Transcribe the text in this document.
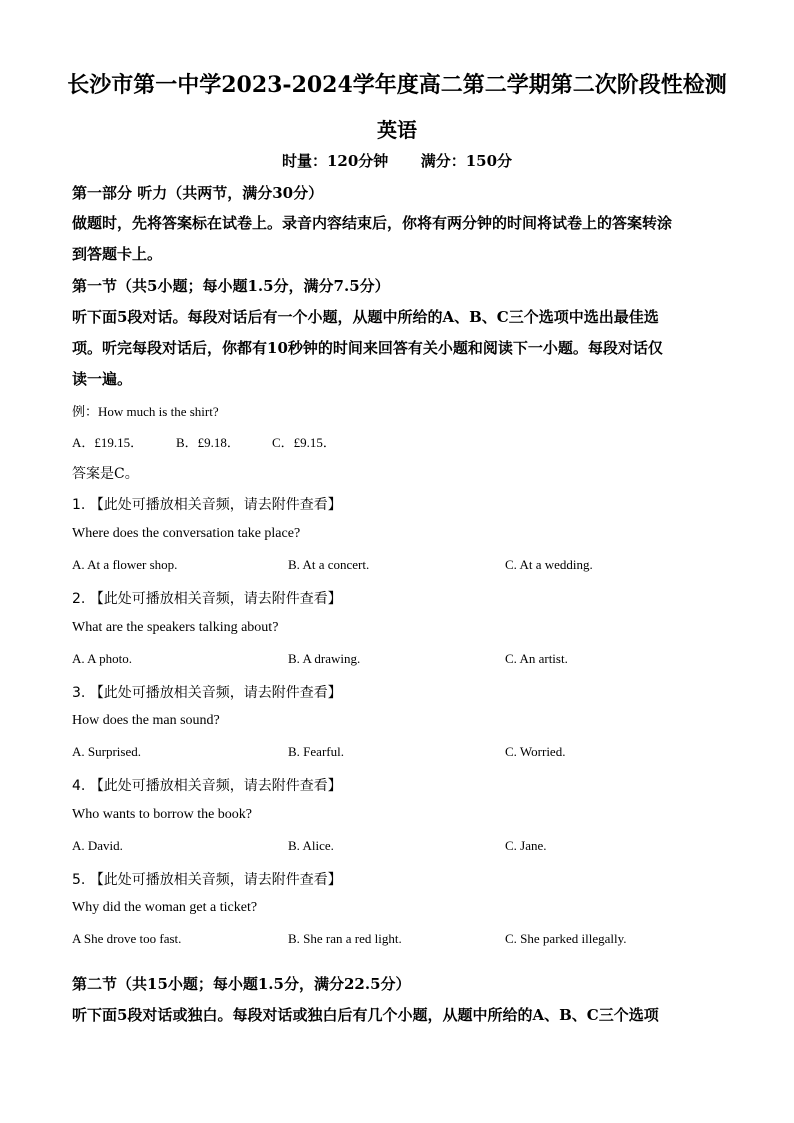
长沙市第一中学2023-2024学年度高二第二学期第二次阶段性检测
英语
时量：120分钟 满分：150分
第一部分 听力（共两节，满分30分）
做题时，先将答案标在试卷上。录音内容结束后，你将有两分钟的时间将试卷上的答案转涂
到答题卡上。
第一节（共5小题；每小题1.5分，满分7.5分）
听下面5段对话。每段对话后有一个小题，从题中所给的A、B、C三个选项中选出最佳选
项。听完每段对话后，你都有10秒钟的时间来回答有关小题和阅读下一小题。每段对话仅
读一遍。
例：How much is the shirt?
A．£19.15．	B．£9.18． C．£9.15．
答案是C。
1. 【此处可播放相关音频，请去附件查看】
Where does the conversation take place?
A. At a flower shop.	B. At a concert.	C. At a wedding.
2. 【此处可播放相关音频，请去附件查看】
What are the speakers talking about?
A. A photo.	B. A drawing.	C. An artist.
3. 【此处可播放相关音频，请去附件查看】
How does the man sound?
A. Surprised.	B. Fearful.	C. Worried.
4. 【此处可播放相关音频，请去附件查看】
Who wants to borrow the book?
A. David.	B. Alice.	C. Jane.
5. 【此处可播放相关音频，请去附件查看】
Why did the woman get a ticket?
A She drove too fast.	B. She ran a red light.	C. She parked illegally.
第二节（共15小题；每小题1.5分，满分22.5分）
听下面5段对话或独白。每段对话或独白后有几个小题，从题中所给的A、B、C三个选项
